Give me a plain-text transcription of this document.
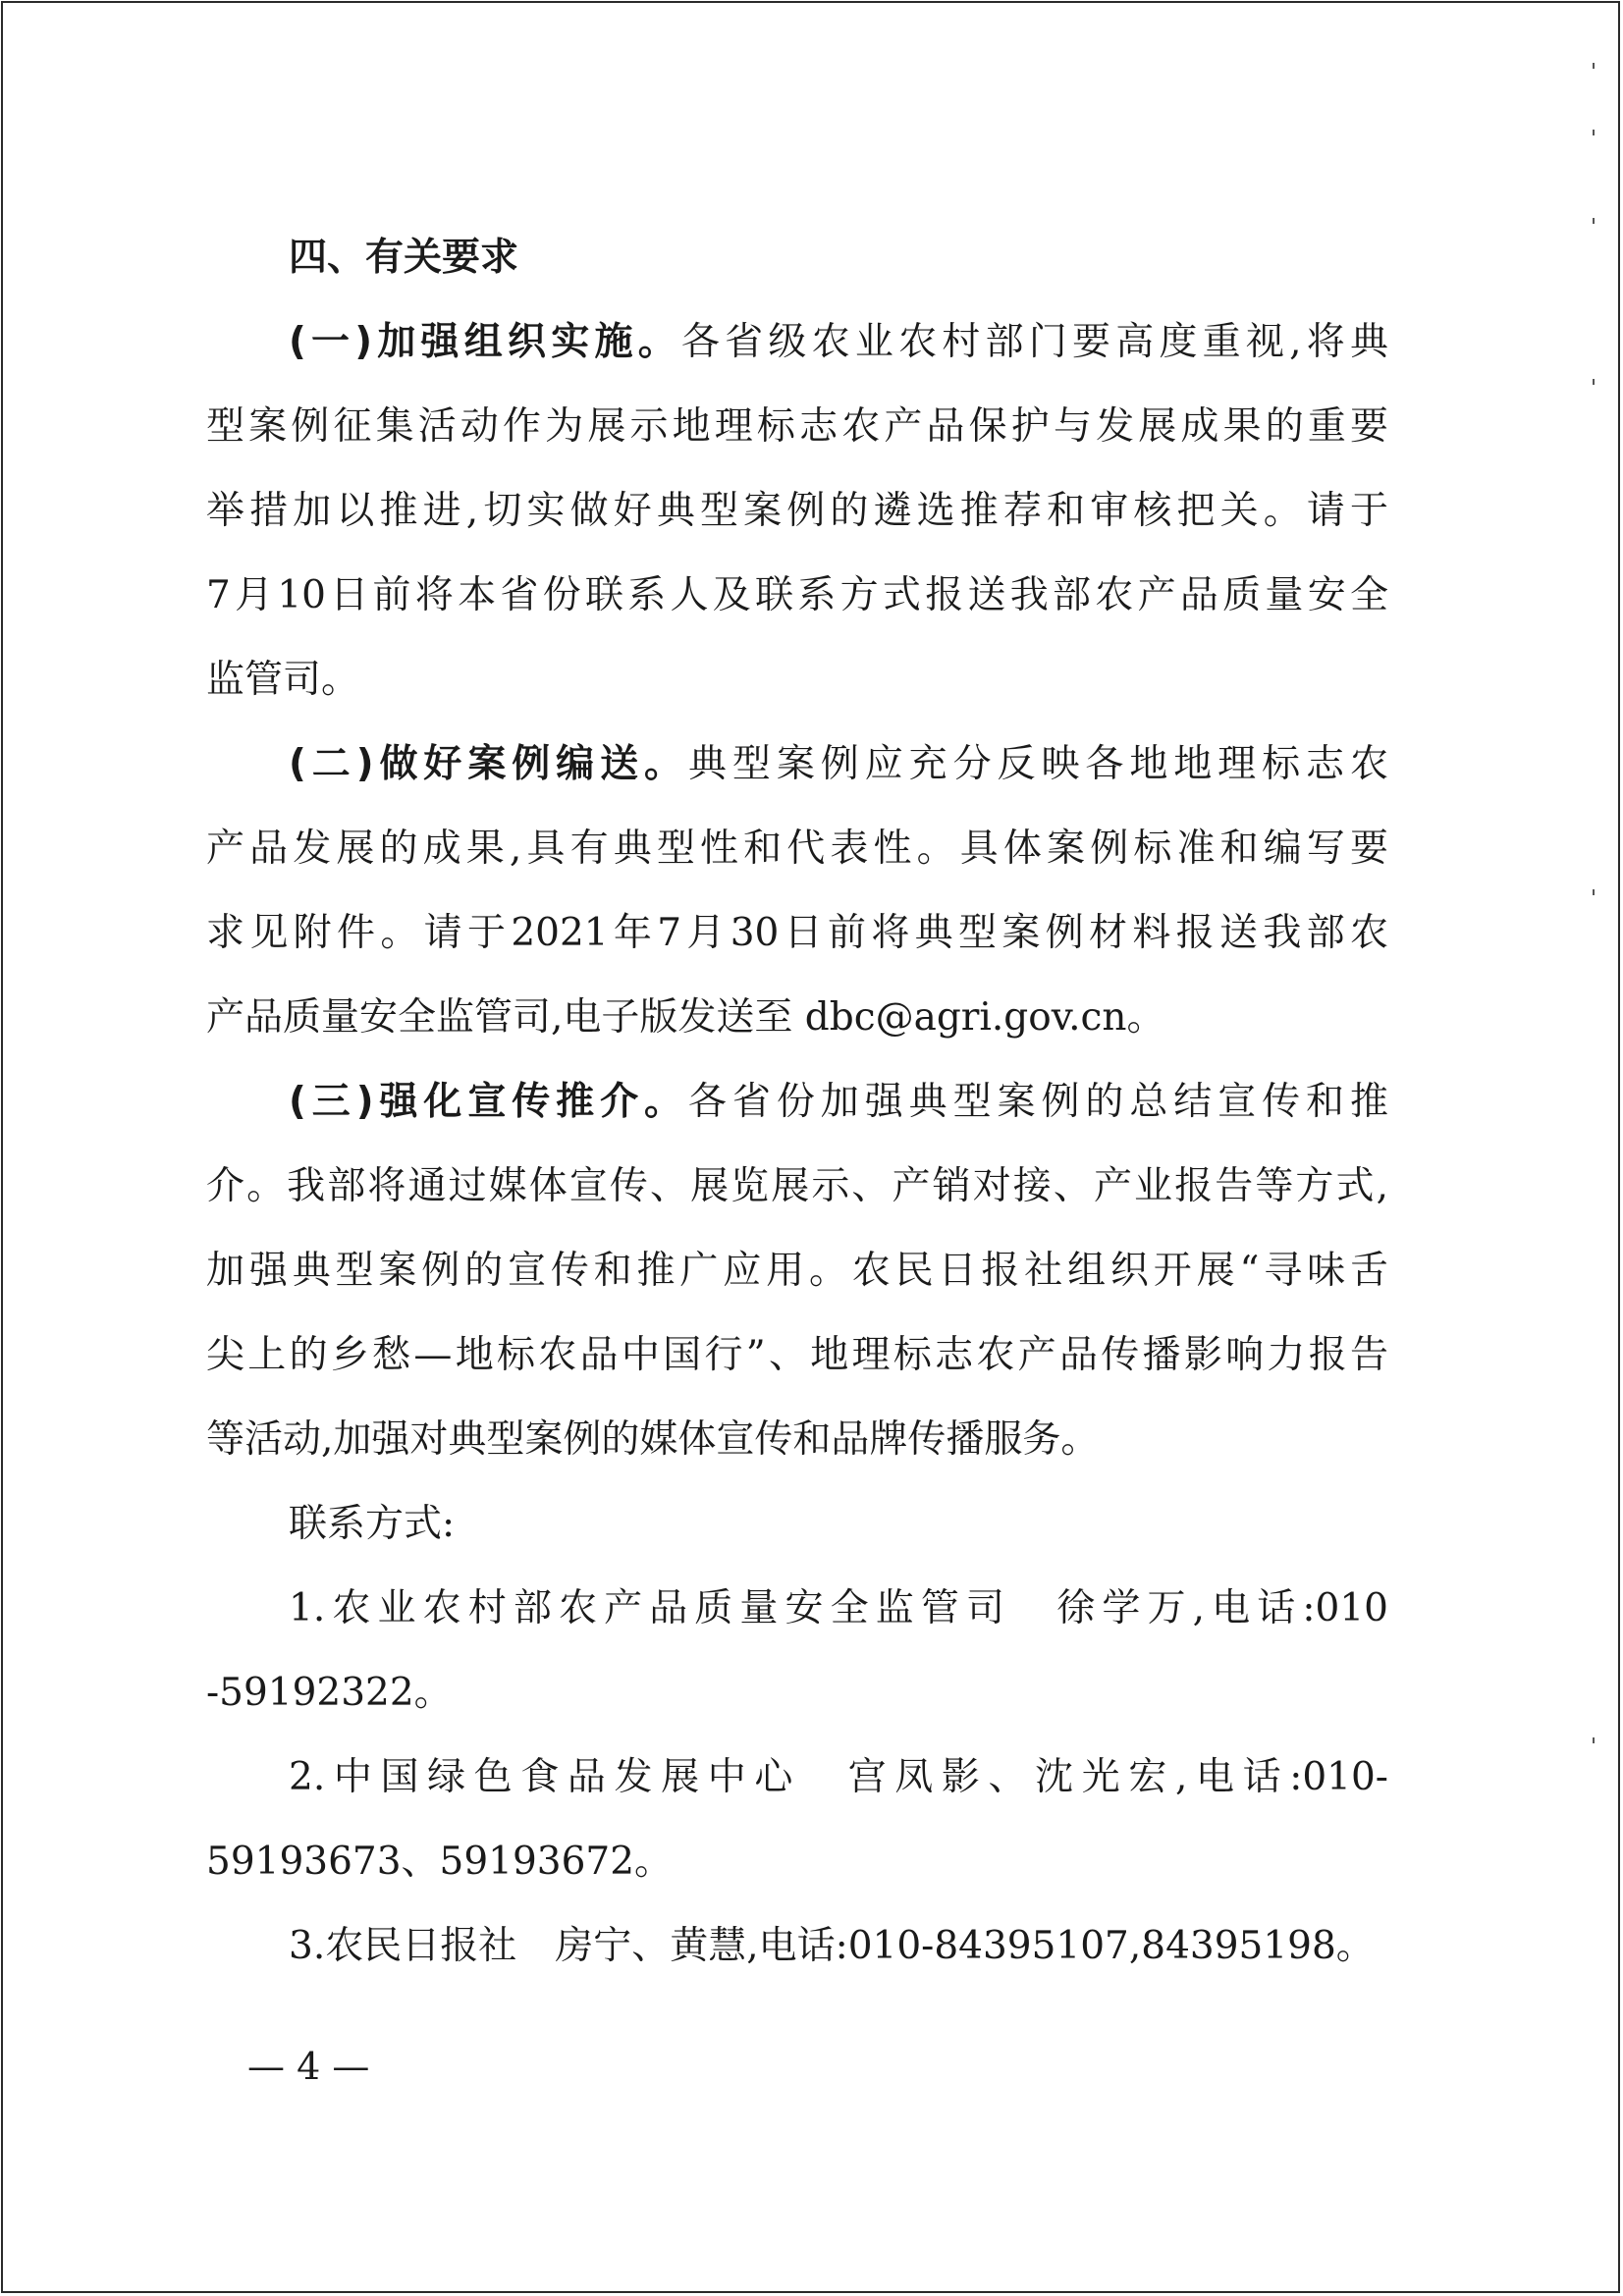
四、有关要求
(一)加强组织实施。各省级农业农村部门要高度重视,将典
型案例征集活动作为展示地理标志农产品保护与发展成果的重要
举措加以推进,切实做好典型案例的遴选推荐和审核把关。请于
7月10日前将本省份联系人及联系方式报送我部农产品质量安全
监管司。
(二)做好案例编送。典型案例应充分反映各地地理标志农
产品发展的成果,具有典型性和代表性。具体案例标准和编写要
求见附件。请于2021年7月30日前将典型案例材料报送我部农
产品质量安全监管司,电子版发送至 dbc@agri.gov.cn。
(三)强化宣传推介。各省份加强典型案例的总结宣传和推
介。我部将通过媒体宣传、展览展示、产销对接、产业报告等方式,
加强典型案例的宣传和推广应用。农民日报社组织开展“寻味舌
尖上的乡愁—地标农品中国行”、地理标志农产品传播影响力报告
等活动,加强对典型案例的媒体宣传和品牌传播服务。
联系方式:
1.农业农村部农产品质量安全监管司　徐学万,电话:010
-59192322。
2.中国绿色食品发展中心　宫凤影、沈光宏,电话:010-
59193673、59193672。
3.农民日报社　房宁、黄慧,电话:010-84395107,84395198。
— 4 —
